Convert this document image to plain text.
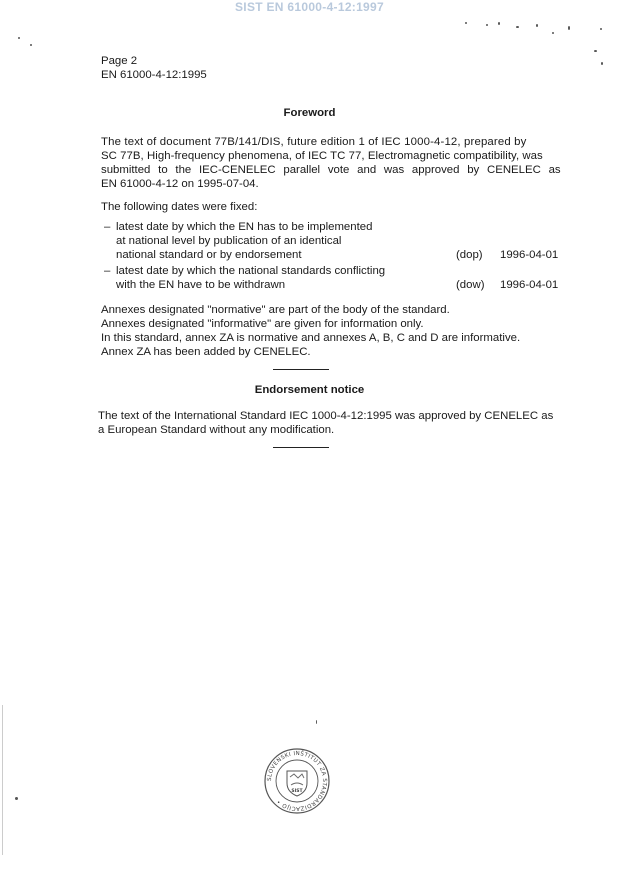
SIST EN 61000-4-12:1997
Page 2
EN 61000-4-12:1995
Foreword
The text of document 77B/141/DIS, future edition 1 of IEC 1000-4-12, prepared by
SC 77B, High-frequency phenomena, of IEC TC 77, Electromagnetic compatibility, was
submitted to the IEC-CENELEC parallel vote and was approved by CENELEC as
EN 61000-4-12 on 1995-07-04.
The following dates were fixed:
– latest date by which the EN has to be implemented
at national level by publication of an identical
national standard or by endorsement	(dop) 1996-04-01
– latest date by which the national standards conflicting
with the EN have to be withdrawn	(dow) 1996-04-01
Annexes designated "normative" are part of the body of the standard.
Annexes designated "informative" are given for information only.
In this standard, annex ZA is normative and annexes A, B, C and D are informative.
Annex ZA has been added by CENELEC.
Endorsement notice
The text of the International Standard IEC 1000-4-12:1995 was approved by CENELEC as
a European Standard without any modification.
SLOVENSKI INŠTITUT ZA STANDARDIZACIJO •
SIST
